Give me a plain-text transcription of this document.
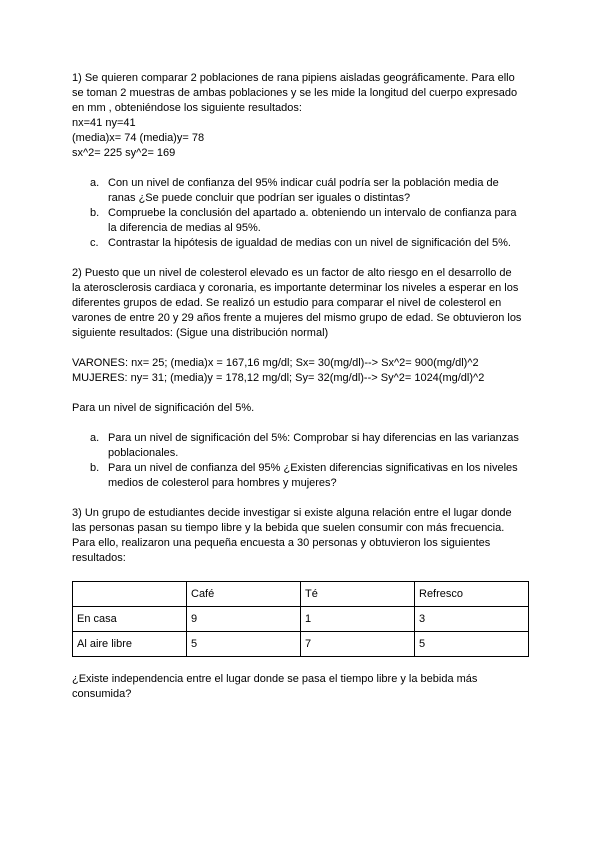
1) Se quieren comparar 2 poblaciones de rana pipiens aisladas geográficamente. Para ello

se toman 2 muestras de ambas poblaciones y se les mide la longitud del cuerpo expresado

en mm , obteniéndose los siguiente resultados:

nx=41 ny=41

(media)x= 74 (media)y= 78

sx^2= 225 sy^2= 169

a. Con un nivel de confianza del 95% indicar cuál podría ser la población media de

ranas ¿Se puede concluir que podrían ser iguales o distintas?

b. Compruebe la conclusión del apartado a. obteniendo un intervalo de confianza para

la diferencia de medias al 95%.

c. Contrastar la hipótesis de igualdad de medias con un nivel de significación del 5%.

2) Puesto que un nivel de colesterol elevado es un factor de alto riesgo en el desarrollo de

la aterosclerosis cardiaca y coronaria, es importante determinar los niveles a esperar en los

diferentes grupos de edad. Se realizó un estudio para comparar el nivel de colesterol en

varones de entre 20 y 29 años frente a mujeres del mismo grupo de edad. Se obtuvieron los

siguiente resultados: (Sigue una distribución normal)

VARONES: nx= 25; (media)x = 167,16 mg/dl; Sx= 30(mg/dl)--> Sx^2= 900(mg/dl)^2

MUJERES: ny= 31; (media)y = 178,12 mg/dl; Sy= 32(mg/dl)--> Sy^2= 1024(mg/dl)^2

Para un nivel de significación del 5%.

a. Para un nivel de significación del 5%: Comprobar si hay diferencias en las varianzas

poblacionales.

b. Para un nivel de confianza del 95% ¿Existen diferencias significativas en los niveles

medios de colesterol para hombres y mujeres?

3) Un grupo de estudiantes decide investigar si existe alguna relación entre el lugar donde

las personas pasan su tiempo libre y la bebida que suelen consumir con más frecuencia.

Para ello, realizaron una pequeña encuesta a 30 personas y obtuvieron los siguientes

resultados:

	Café	Té	Refresco
En casa	9	1	3
Al aire libre	5	7	5

¿Existe independencia entre el lugar donde se pasa el tiempo libre y la bebida más

consumida?
